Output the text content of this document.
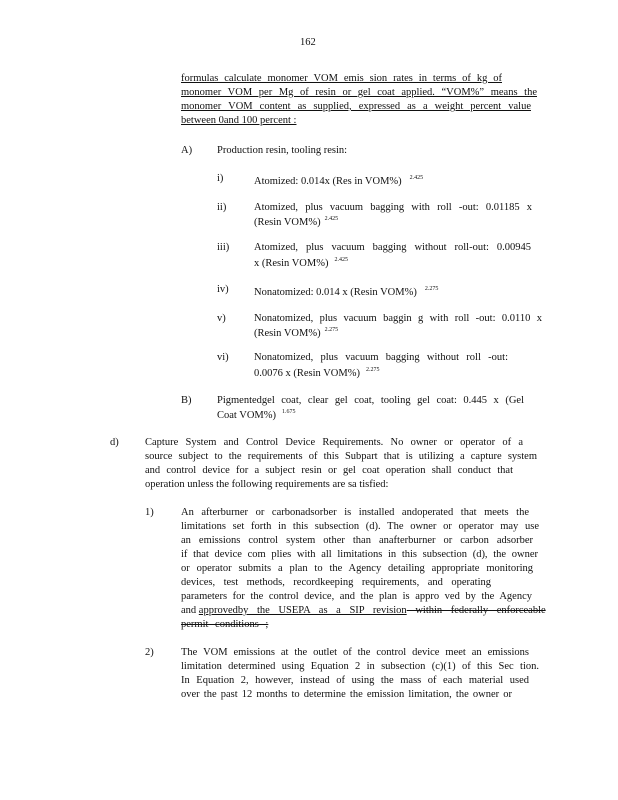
162
formulas calculate monomer VOM emis sion rates in terms of kg of
monomer VOM per Mg of resin or gel coat applied. “VOM%” means the
monomer VOM content as supplied, expressed as a weight percent value
between 0and 100 percent :
A) Production resin, tooling resin:
i)	Atomized: 0.014x (Res in VOM%) $^{2.425}$
ii)	Atomized, plus vacuum bagging with roll -out: 0.01185 x
(Resin VOM%) $^{2.425}$
iii) Atomized, plus vacuum bagging without roll-out: 0.00945
x (Resin VOM%) $^{2.425}$
iv) Nonatomized: 0.014 x (Resin VOM%) $^{2.275}$
v)	Nonatomized, plus vacuum baggin g with roll -out: 0.0110 x
(Resin VOM%) $^{2.275}$
vi) Nonatomized, plus vacuum bagging without roll -out:
0.0076 x (Resin VOM%) $^{2.275}$
B) Pigmentedgel coat, clear gel coat, tooling gel coat: 0.445 x (Gel
Coat VOM%) $^{1.675}$
d)	Capture System and Control Device Requirements. No owner or operator of a
source subject to the requirements of this Subpart that is utilizing a capture system
and control device for a subject resin or gel coat operation shall conduct that
operation unless the following requirements are sa tisfied:
1)	An afterburner or carbonadsorber is installed andoperated that meets the
limitations set forth in this subsection (d). The owner or operator may use
an emissions control system other than anafterburner or carbon adsorber
if that device com plies with all limitations in this subsection (d), the owner
or operator submits a plan to the Agency detailing appropriate monitoring
devices, test methods, recordkeeping requirements, and operating
parameters for the control device, and the plan is appro ved by the Agency
and approvedby the USEPA as a SIP revision within federally enforceable
permit conditions ;
2)	The VOM emissions at the outlet of the control device meet an emissions
limitation determined using Equation 2 in subsection (c)(1) of this Sec tion.
In Equation 2, however, instead of using the mass of each material used
over the past 12 months to determine the emission limitation, the owner or
